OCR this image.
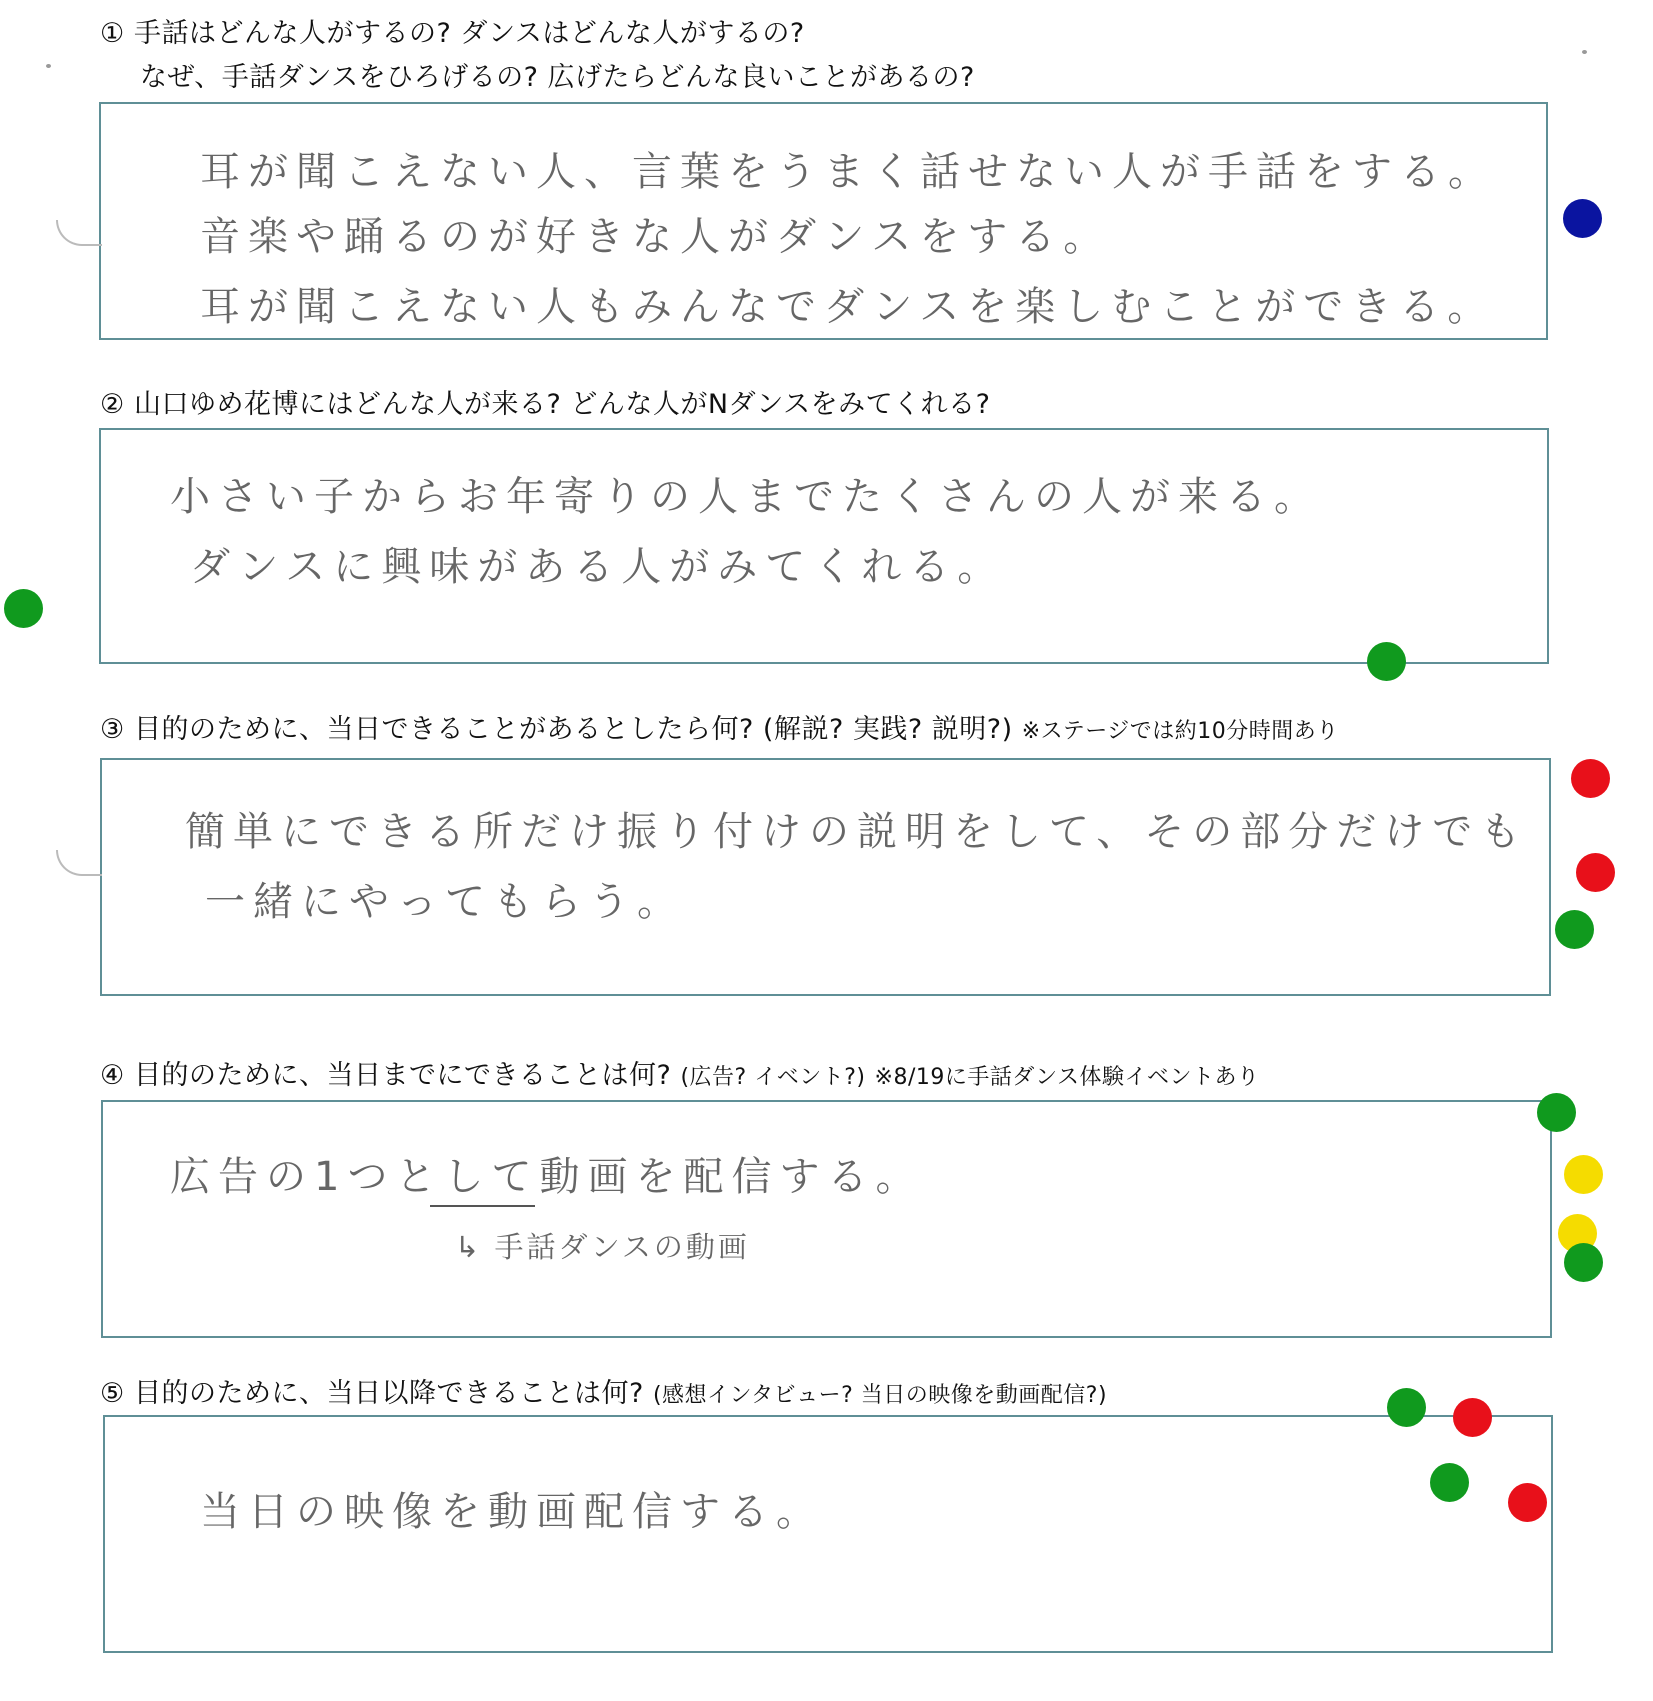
① 手話はどんな人がするの? ダンスはどんな人がするの?
なぜ、手話ダンスをひろげるの? 広げたらどんな良いことがあるの?
耳が聞こえない人、言葉をうまく話せない人が手話をする。
音楽や踊るのが好きな人がダンスをする。
耳が聞こえない人もみんなでダンスを楽しむことができる。
② 山口ゆめ花博にはどんな人が来る? どんな人がNダンスをみてくれる?
小さい子からお年寄りの人までたくさんの人が来る。
ダンスに興味がある人がみてくれる。
③ 目的のために、当日できることがあるとしたら何? (解説? 実践? 説明?) ※ステージでは約10分時間あり
簡単にできる所だけ振り付けの説明をして、その部分だけでも
一緒にやってもらう。
④ 目的のために、当日までにできることは何? (広告? イベント?) ※8/19に手話ダンス体験イベントあり
広告の1つとして動画を配信する。
↳ 手話ダンスの動画
⑤ 目的のために、当日以降できることは何? (感想インタビュー? 当日の映像を動画配信?)
当日の映像を動画配信する。
